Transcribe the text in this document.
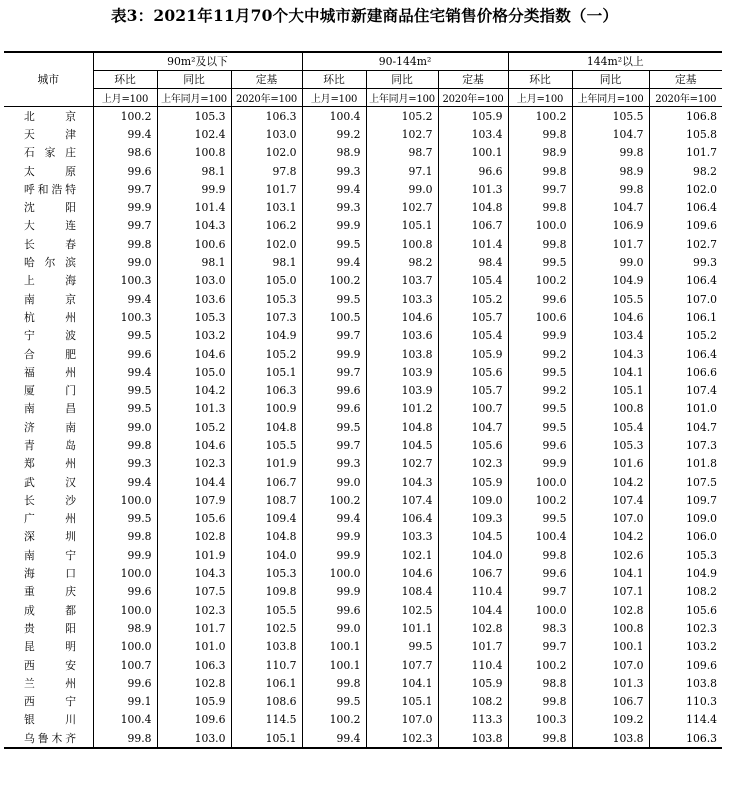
表3：2021年11月70个大中城市新建商品住宅销售价格分类指数（一）
城市	90m²及以下			90-144m²			144m²以上		
	环比	同比	定基	环比	同比	定基	环比	同比	定基
	上月=100	上年同月=100	2020年=100	上月=100	上年同月=100	2020年=100	上月=100	上年同月=100	2020年=100
北　京	100.2	105.3	106.3	100.4	105.2	105.9	100.2	105.5	106.8
天　津	99.4	102.4	103.0	99.2	102.7	103.4	99.8	104.7	105.8
石家庄	98.6	100.8	102.0	98.9	98.7	100.1	98.9	99.8	101.7
太　原	99.6	98.1	97.8	99.3	97.1	96.6	99.8	98.9	98.2
呼和浩特	99.7	99.9	101.7	99.4	99.0	101.3	99.7	99.8	102.0
沈　阳	99.9	101.4	103.1	99.3	102.7	104.8	99.8	104.7	106.4
大　连	99.7	104.3	106.2	99.9	105.1	106.7	100.0	106.9	109.6
长　春	99.8	100.6	102.0	99.5	100.8	101.4	99.8	101.7	102.7
哈尔滨	99.0	98.1	98.1	99.4	98.2	98.4	99.5	99.0	99.3
上　海	100.3	103.0	105.0	100.2	103.7	105.4	100.2	104.9	106.4
南　京	99.4	103.6	105.3	99.5	103.3	105.2	99.6	105.5	107.0
杭　州	100.3	105.3	107.3	100.5	104.6	105.7	100.6	104.6	106.1
宁　波	99.5	103.2	104.9	99.7	103.6	105.4	99.9	103.4	105.2
合　肥	99.6	104.6	105.2	99.9	103.8	105.9	99.2	104.3	106.4
福　州	99.4	105.0	105.1	99.7	103.9	105.6	99.5	104.1	106.6
厦　门	99.5	104.2	106.3	99.6	103.9	105.7	99.2	105.1	107.4
南　昌	99.5	101.3	100.9	99.6	101.2	100.7	99.5	100.8	101.0
济　南	99.0	105.2	104.8	99.5	104.8	104.7	99.5	105.4	104.7
青　岛	99.8	104.6	105.5	99.7	104.5	105.6	99.6	105.3	107.3
郑　州	99.3	102.3	101.9	99.3	102.7	102.3	99.9	101.6	101.8
武　汉	99.4	104.4	106.7	99.0	104.3	105.9	100.0	104.2	107.5
长　沙	100.0	107.9	108.7	100.2	107.4	109.0	100.2	107.4	109.7
广　州	99.5	105.6	109.4	99.4	106.4	109.3	99.5	107.0	109.0
深　圳	99.8	102.8	104.8	99.9	103.3	104.5	100.4	104.2	106.0
南　宁	99.9	101.9	104.0	99.9	102.1	104.0	99.8	102.6	105.3
海　口	100.0	104.3	105.3	100.0	104.6	106.7	99.6	104.1	104.9
重　庆	99.6	107.5	109.8	99.9	108.4	110.4	99.7	107.1	108.2
成　都	100.0	102.3	105.5	99.6	102.5	104.4	100.0	102.8	105.6
贵　阳	98.9	101.7	102.5	99.0	101.1	102.8	98.3	100.8	102.3
昆　明	100.0	101.0	103.8	100.1	99.5	101.7	99.7	100.1	103.2
西　安	100.7	106.3	110.7	100.1	107.7	110.4	100.2	107.0	109.6
兰　州	99.6	102.8	106.1	99.8	104.1	105.9	98.8	101.3	103.8
西　宁	99.1	105.9	108.6	99.5	105.1	108.2	99.8	106.7	110.3
银　川	100.4	109.6	114.5	100.2	107.0	113.3	100.3	109.2	114.4
乌鲁木齐	99.8	103.0	105.1	99.4	102.3	103.8	99.8	103.8	106.3
